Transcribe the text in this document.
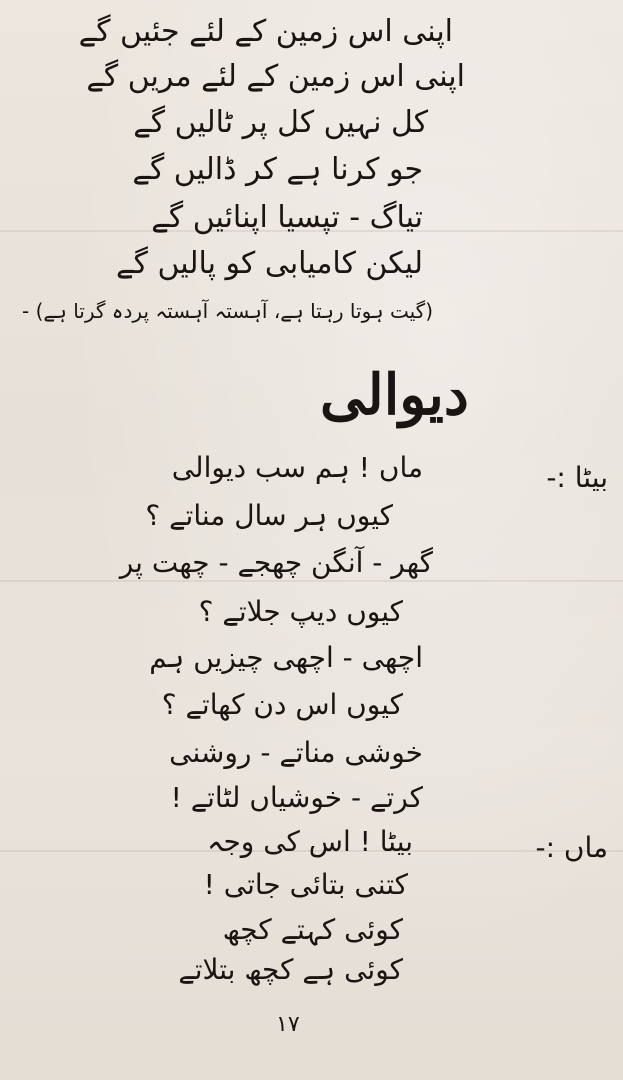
اپنی اس زمین کے لئے جئیں گے
اپنی اس زمین کے لئے مریں گے
کل نہیں کل پر ٹالیں گے
جو کرنا ہے کر ڈالیں گے
تیاگ - تپسیا اپنائیں گے
لیکن کامیابی کو پالیں گے
(گیت ہوتا رہتا ہے، آہستہ آہستہ پردہ گرتا ہے) -
دیوالی
بیٹا :-
ماں ! ہم سب دیوالی
کیوں ہر سال مناتے ؟
گھر - آنگن چھجے - چھت پر
کیوں دیپ جلاتے ؟
اچھی - اچھی چیزیں ہم
کیوں اس دن کھاتے ؟
خوشی مناتے - روشنی
کرتے - خوشیاں لٹاتے !
ماں :-
بیٹا ! اس کی وجہ
کتنی بتائی جاتی !
کوئی کہتے کچھ
کوئی ہے کچھ بتلاتے
١٧
